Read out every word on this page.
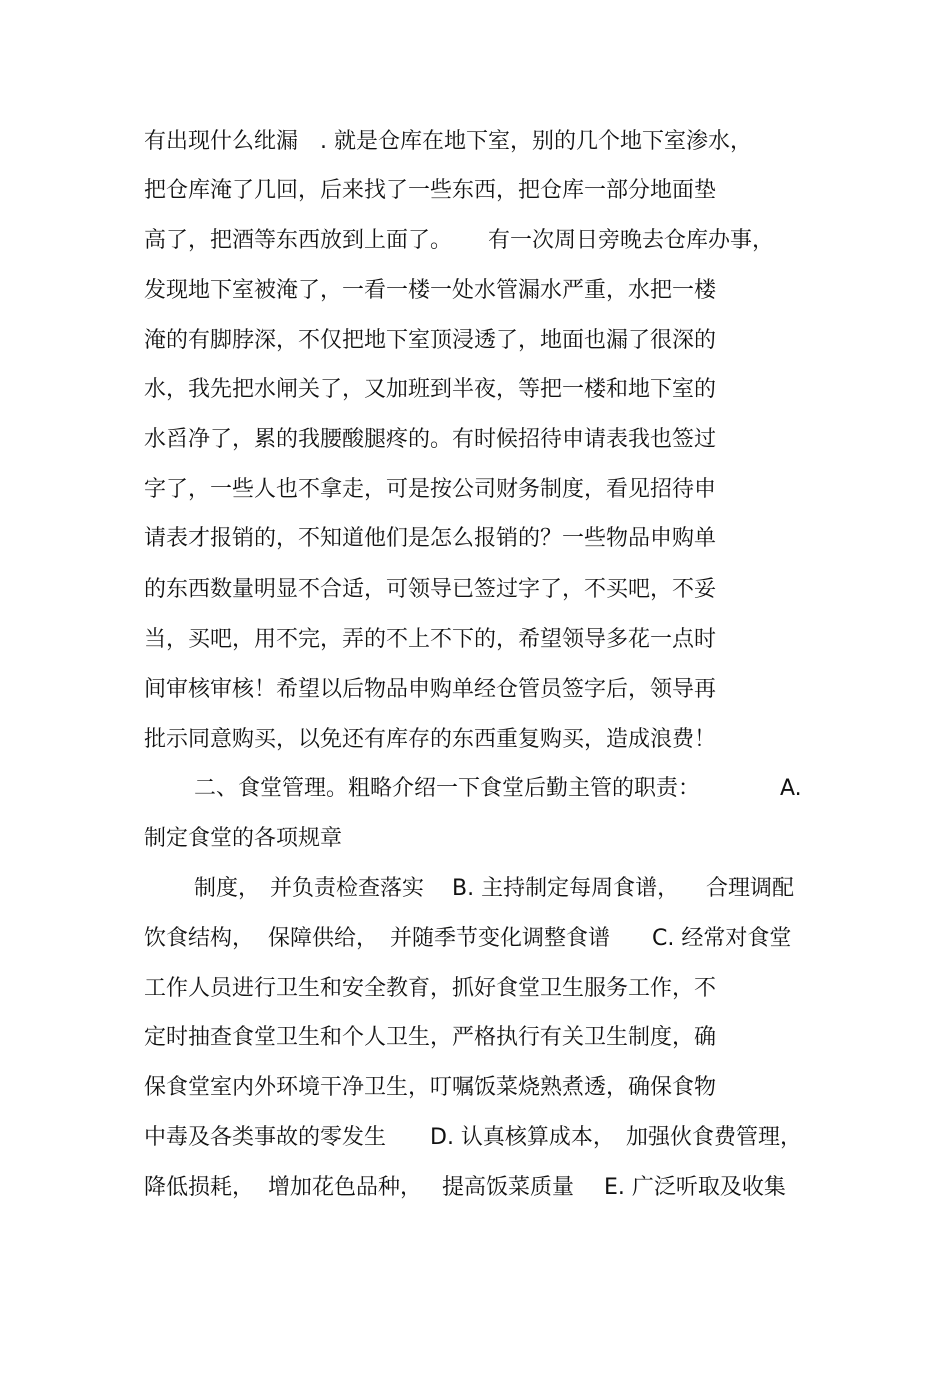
有出现什么纰漏

. 就是仓库在地下室，别的几个地下室渗水，

把仓库淹了几回，后来找了一些东西，把仓库一部分地面垫

高了，把酒等东西放到上面了。

有一次周日旁晚去仓库办事，

发现地下室被淹了，一看一楼一处水管漏水严重，水把一楼

淹的有脚脖深，不仅把地下室顶浸透了，地面也漏了很深的

水，我先把水闸关了，又加班到半夜，等把一楼和地下室的

水舀净了，累的我腰酸腿疼的。有时候招待申请表我也签过

字了，一些人也不拿走，可是按公司财务制度，看见招待申

请表才报销的，不知道他们是怎么报销的？一些物品申购单

的东西数量明显不合适，可领导已签过字了，不买吧，不妥

当，买吧，用不完，弄的不上不下的，希望领导多花一点时

间审核审核！希望以后物品申购单经仓管员签字后，领导再

批示同意购买，以免还有库存的东西重复购买，造成浪费！

二、食堂管理。粗略介绍一下食堂后勤主管的职责：

	A.

制定食堂的各项规章

制度，

并负责检查落实

B. 主持制定每周食谱，

合理调配

饮食结构，

保障供给，

并随季节变化调整食谱

C. 经常对食堂

工作人员进行卫生和安全教育，抓好食堂卫生服务工作，不

定时抽查食堂卫生和个人卫生，严格执行有关卫生制度，确

保食堂室内外环境干净卫生，叮嘱饭菜烧熟煮透，确保食物

中毒及各类事故的零发生

D. 认真核算成本，

加强伙食费管理，

降低损耗，

增加花色品种，

提高饭菜质量

E. 广泛听取及收集
